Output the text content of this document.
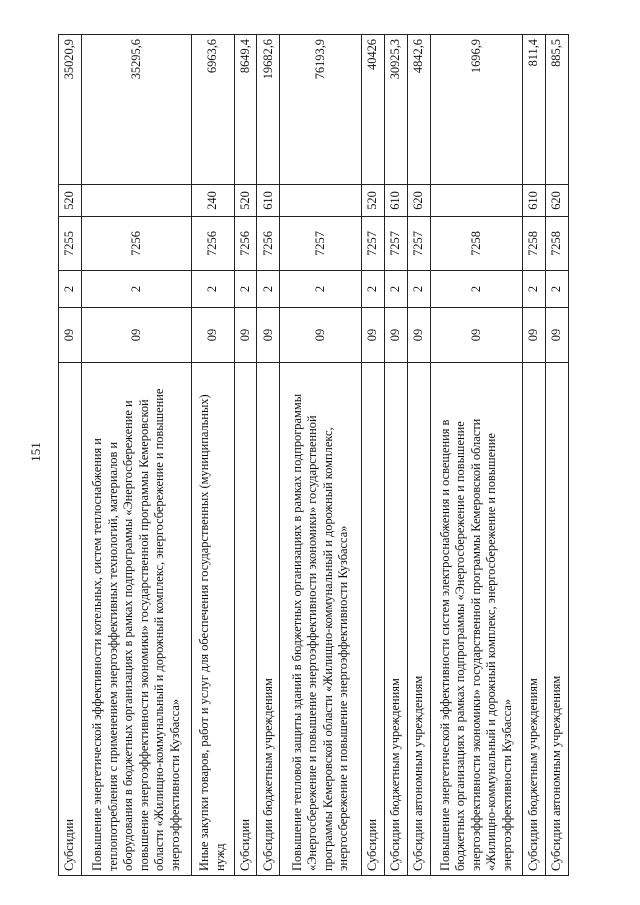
151
Субсидии	09	2	7255	520	35020,9
Повышение энергетической эффективности котельных, систем теплоснабжения и теплопотребления с применением энергоэффективных технологий, материалов и оборудования в бюджетных организациях в рамках подпрограммы «Энергосбережение и повышение энергоэффективности экономики» государственной программы Кемеровской области «Жилищно-коммунальный и дорожный комплекс, энергосбережение и повышение энергоэффективности Кузбасса»	09	2	7256		35295,6
Иные закупки товаров, работ и услуг для обеспечения государственных (муниципальных) нужд	09	2	7256	240	6963,6
Субсидии	09	2	7256	520	8649,4
Субсидии бюджетным учреждениям	09	2	7256	610	19682,6
Повышение тепловой защиты зданий в бюджетных организациях в рамках подпрограммы «Энергосбережение и повышение энергоэффективности экономики» государственной программы Кемеровской области «Жилищно-коммунальный и дорожный комплекс, энергосбережение и повышение энергоэффективности Кузбасса»	09	2	7257		76193,9
Субсидии	09	2	7257	520	40426
Субсидии бюджетным учреждениям	09	2	7257	610	30925,3
Субсидии автономным учреждениям	09	2	7257	620	4842,6
Повышение энергетической эффективности систем электроснабжения и освещения в бюджетных организациях в рамках подпрограммы «Энергосбережение и повышение энергоэффективности экономики» государственной программы Кемеровской области «Жилищно-коммунальный и дорожный комплекс, энергосбережение и повышение энергоэффективности Кузбасса»	09	2	7258		1696,9
Субсидии бюджетным учреждениям	09	2	7258	610	811,4
Субсидии автономным учреждениям	09	2	7258	620	885,5
